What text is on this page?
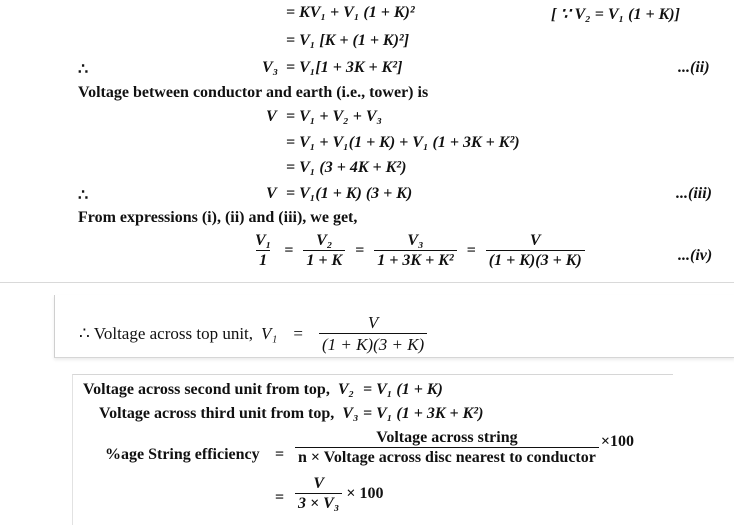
= KV₁ + V₁ (1 + K)²	[ ∵ V₂ = V₁ (1 + K)]
= V₁ [K + (1 + K)²]
∴	V₃ = V₁[1 + 3K + K²]	...(ii)
Voltage between conductor and earth (i.e., tower) is
V = V₁ + V₂ + V₃
= V₁ + V₁(1 + K) + V₁ (1 + 3K + K²)
= V₁ (3 + 4K + K²)
∴	V = V₁(1 + K) (3 + K)	...(iii)
From expressions (i), (ii) and (iii), we get,
$\frac{\text{V₁}}{1} = \frac{\text{V₂}}{1 + K} = \frac{\text{V₃}}{\text{1 + 3K + K²}} = \frac{V}{(1 + K)(3 + K)}$	...(iv)
∴ Voltage across top unit, $V_1 = \frac{V}{(1 + K)(3 + K)}$
Voltage across second unit from top, V₂ = V₁ (1 + K)
Voltage across third unit from top, V₃ = V₁ (1 + 3K + K²)
%age String efficiency = $\frac{\text{Voltage across string}}{\text{n × Voltage across disc nearest to conductor}} \times 100$
= $\frac{V}{\text{3 × V₃}} \times 100$
